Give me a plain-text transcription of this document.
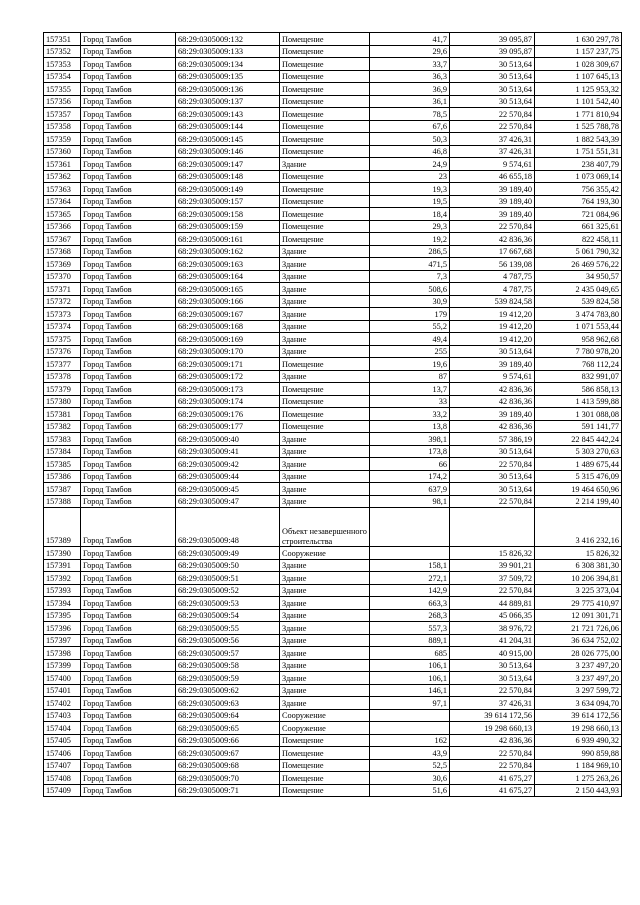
157351	Город Тамбов	68:29:0305009:132	Помещение	41,7	39 095,87	1 630 297,78
157352	Город Тамбов	68:29:0305009:133	Помещение	29,6	39 095,87	1 157 237,75
157353	Город Тамбов	68:29:0305009:134	Помещение	33,7	30 513,64	1 028 309,67
157354	Город Тамбов	68:29:0305009:135	Помещение	36,3	30 513,64	1 107 645,13
157355	Город Тамбов	68:29:0305009:136	Помещение	36,9	30 513,64	1 125 953,32
157356	Город Тамбов	68:29:0305009:137	Помещение	36,1	30 513,64	1 101 542,40
157357	Город Тамбов	68:29:0305009:143	Помещение	78,5	22 570,84	1 771 810,94
157358	Город Тамбов	68:29:0305009:144	Помещение	67,6	22 570,84	1 525 788,78
157359	Город Тамбов	68:29:0305009:145	Помещение	50,3	37 426,31	1 882 543,39
157360	Город Тамбов	68:29:0305009:146	Помещение	46,8	37 426,31	1 751 551,31
157361	Город Тамбов	68:29:0305009:147	Здание	24,9	9 574,61	238 407,79
157362	Город Тамбов	68:29:0305009:148	Помещение	23	46 655,18	1 073 069,14
157363	Город Тамбов	68:29:0305009:149	Помещение	19,3	39 189,40	756 355,42
157364	Город Тамбов	68:29:0305009:157	Помещение	19,5	39 189,40	764 193,30
157365	Город Тамбов	68:29:0305009:158	Помещение	18,4	39 189,40	721 084,96
157366	Город Тамбов	68:29:0305009:159	Помещение	29,3	22 570,84	661 325,61
157367	Город Тамбов	68:29:0305009:161	Помещение	19,2	42 836,36	822 458,11
157368	Город Тамбов	68:29:0305009:162	Здание	286,5	17 667,68	5 061 790,32
157369	Город Тамбов	68:29:0305009:163	Здание	471,5	56 139,08	26 469 576,22
157370	Город Тамбов	68:29:0305009:164	Здание	7,3	4 787,75	34 950,57
157371	Город Тамбов	68:29:0305009:165	Здание	508,6	4 787,75	2 435 049,65
157372	Город Тамбов	68:29:0305009:166	Здание	30,9	539 824,58	539 824,58
157373	Город Тамбов	68:29:0305009:167	Здание	179	19 412,20	3 474 783,80
157374	Город Тамбов	68:29:0305009:168	Здание	55,2	19 412,20	1 071 553,44
157375	Город Тамбов	68:29:0305009:169	Здание	49,4	19 412,20	958 962,68
157376	Город Тамбов	68:29:0305009:170	Здание	255	30 513,64	7 780 978,20
157377	Город Тамбов	68:29:0305009:171	Помещение	19,6	39 189,40	768 112,24
157378	Город Тамбов	68:29:0305009:172	Здание	87	9 574,61	832 991,07
157379	Город Тамбов	68:29:0305009:173	Помещение	13,7	42 836,36	586 858,13
157380	Город Тамбов	68:29:0305009:174	Помещение	33	42 836,36	1 413 599,88
157381	Город Тамбов	68:29:0305009:176	Помещение	33,2	39 189,40	1 301 088,08
157382	Город Тамбов	68:29:0305009:177	Помещение	13,8	42 836,36	591 141,77
157383	Город Тамбов	68:29:0305009:40	Здание	398,1	57 386,19	22 845 442,24
157384	Город Тамбов	68:29:0305009:41	Здание	173,8	30 513,64	5 303 270,63
157385	Город Тамбов	68:29:0305009:42	Здание	66	22 570,84	1 489 675,44
157386	Город Тамбов	68:29:0305009:44	Здание	174,2	30 513,64	5 315 476,09
157387	Город Тамбов	68:29:0305009:45	Здание	637,9	30 513,64	19 464 650,96
157388	Город Тамбов	68:29:0305009:47	Здание	98,1	22 570,84	2 214 199,40
157389	Город Тамбов	68:29:0305009:48	Объект незавершенного строительства			3 416 232,16
157390	Город Тамбов	68:29:0305009:49	Сооружение		15 826,32	15 826,32
157391	Город Тамбов	68:29:0305009:50	Здание	158,1	39 901,21	6 308 381,30
157392	Город Тамбов	68:29:0305009:51	Здание	272,1	37 509,72	10 206 394,81
157393	Город Тамбов	68:29:0305009:52	Здание	142,9	22 570,84	3 225 373,04
157394	Город Тамбов	68:29:0305009:53	Здание	663,3	44 889,81	29 775 410,97
157395	Город Тамбов	68:29:0305009:54	Здание	268,3	45 066,35	12 091 301,71
157396	Город Тамбов	68:29:0305009:55	Здание	557,3	38 976,72	21 721 726,06
157397	Город Тамбов	68:29:0305009:56	Здание	889,1	41 204,31	36 634 752,02
157398	Город Тамбов	68:29:0305009:57	Здание	685	40 915,00	28 026 775,00
157399	Город Тамбов	68:29:0305009:58	Здание	106,1	30 513,64	3 237 497,20
157400	Город Тамбов	68:29:0305009:59	Здание	106,1	30 513,64	3 237 497,20
157401	Город Тамбов	68:29:0305009:62	Здание	146,1	22 570,84	3 297 599,72
157402	Город Тамбов	68:29:0305009:63	Здание	97,1	37 426,31	3 634 094,70
157403	Город Тамбов	68:29:0305009:64	Сооружение		39 614 172,56	39 614 172,56
157404	Город Тамбов	68:29:0305009:65	Сооружение		19 298 660,13	19 298 660,13
157405	Город Тамбов	68:29:0305009:66	Помещение	162	42 836,36	6 939 490,32
157406	Город Тамбов	68:29:0305009:67	Помещение	43,9	22 570,84	990 859,88
157407	Город Тамбов	68:29:0305009:68	Помещение	52,5	22 570,84	1 184 969,10
157408	Город Тамбов	68:29:0305009:70	Помещение	30,6	41 675,27	1 275 263,26
157409	Город Тамбов	68:29:0305009:71	Помещение	51,6	41 675,27	2 150 443,93
